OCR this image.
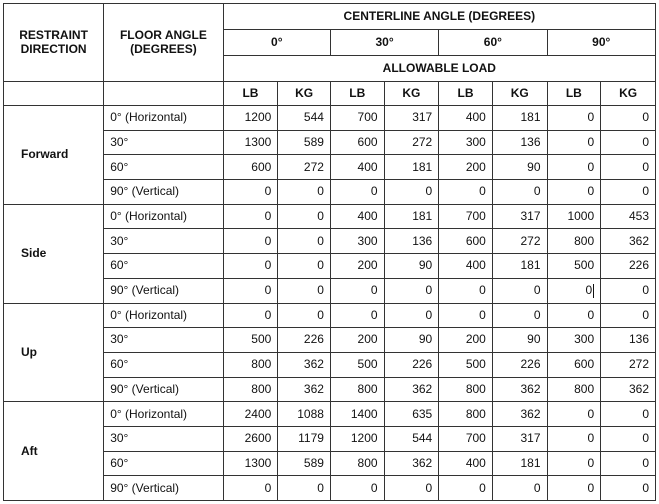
RESTRAINT DIRECTION	FLOOR ANGLE (DEGREES)	CENTERLINE ANGLE (DEGREES)							
		0°		30°		60°		90°	
		ALLOWABLE LOAD							
		LB	KG	LB	KG	LB	KG	LB	KG
Forward	0° (Horizontal)	1200	544	700	317	400	181	0	0
	30°	1300	589	600	272	300	136	0	0
	60°	600	272	400	181	200	90	0	0
	90° (Vertical)	0	0	0	0	0	0	0	0
Side	0° (Horizontal)	0	0	400	181	700	317	1000	453
	30°	0	0	300	136	600	272	800	362
	60°	0	0	200	90	400	181	500	226
	90° (Vertical)	0	0	0	0	0	0	0	0
Up	0° (Horizontal)	0	0	0	0	0	0	0	0
	30°	500	226	200	90	200	90	300	136
	60°	800	362	500	226	500	226	600	272
	90° (Vertical)	800	362	800	362	800	362	800	362
Aft	0° (Horizontal)	2400	1088	1400	635	800	362	0	0
	30°	2600	1179	1200	544	700	317	0	0
	60°	1300	589	800	362	400	181	0	0
	90° (Vertical)	0	0	0	0	0	0	0	0
